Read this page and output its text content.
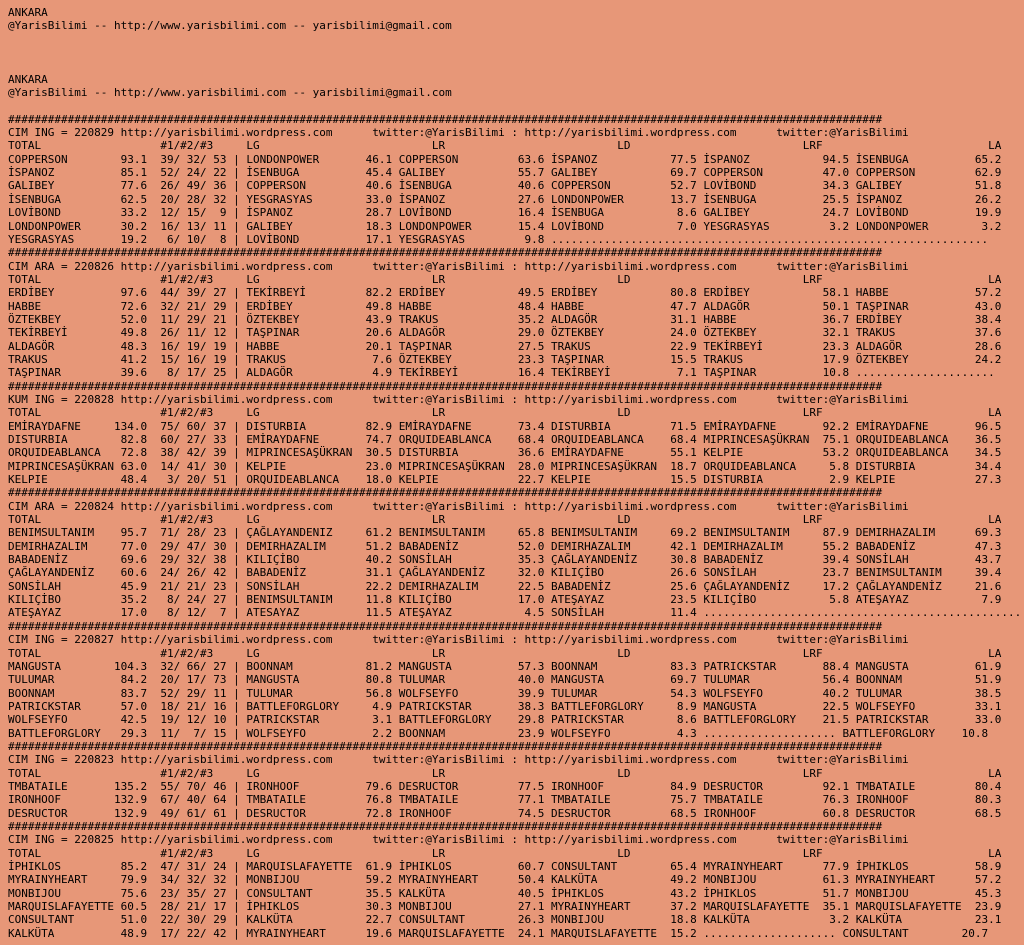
ANKARA
@YarisBilimi -- http://www.yarisbilimi.com -- yarisbilimi@gmail.com
ANKARA
@YarisBilimi -- http://www.yarisbilimi.com -- yarisbilimi@gmail.com
####################################################################################################################################
CIM ING = 220829 http://yarisbilimi.wordpress.com      twitter:@YarisBilimi : http://yarisbilimi.wordpress.com      twitter:@YarisBilimi
TOTAL                  #1/#2/#3     LG                          LR                          LD                          LRF                         LA
COPPERSON        93.1  39/ 32/ 53 | LONDONPOWER       46.1 COPPERSON         63.6 İSPANOZ           77.5 İSPANOZ           94.5 İSENBUGA          65.2
İSPANOZ          85.1  52/ 24/ 22 | İSENBUGA          45.4 GALIBEY           55.7 GALIBEY           69.7 COPPERSON         47.0 COPPERSON         62.9
GALIBEY          77.6  26/ 49/ 36 | COPPERSON         40.6 İSENBUGA          40.6 COPPERSON         52.7 LOVİBOND          34.3 GALIBEY           51.8
İSENBUGA         62.5  20/ 28/ 32 | YESGRASYAS        33.0 İSPANOZ           27.6 LONDONPOWER       13.7 İSENBUGA          25.5 İSPANOZ           26.2
LOVİBOND         33.2  12/ 15/  9 | İSPANOZ           28.7 LOVİBOND          16.4 İSENBUGA           8.6 GALIBEY           24.7 LOVİBOND          19.9
LONDONPOWER      30.2  16/ 13/ 11 | GALIBEY           18.3 LONDONPOWER       15.4 LOVİBOND           7.0 YESGRASYAS         3.2 LONDONPOWER        3.2
YESGRASYAS       19.2   6/ 10/  8 | LOVİBOND          17.1 YESGRASYAS         9.8 ..................................................................
####################################################################################################################################
CIM ARA = 220826 http://yarisbilimi.wordpress.com      twitter:@YarisBilimi : http://yarisbilimi.wordpress.com      twitter:@YarisBilimi
TOTAL                  #1/#2/#3     LG                          LR                          LD                          LRF                         LA
ERDİBEY          97.6  44/ 39/ 27 | TEKİRBEYİ         82.2 ERDİBEY           49.5 ERDİBEY           80.8 ERDİBEY           58.1 HABBE             57.2
HABBE            72.6  32/ 21/ 29 | ERDİBEY           49.8 HABBE             48.4 HABBE             47.7 ALDAGÖR           50.1 TAŞPINAR          43.0
ÖZTEKBEY         52.0  11/ 29/ 21 | ÖZTEKBEY          43.9 TRAKUS            35.2 ALDAGÖR           31.1 HABBE             36.7 ERDİBEY           38.4
TEKİRBEYİ        49.8  26/ 11/ 12 | TAŞPINAR          20.6 ALDAGÖR           29.0 ÖZTEKBEY          24.0 ÖZTEKBEY          32.1 TRAKUS            37.6
ALDAGÖR          48.3  16/ 19/ 19 | HABBE             20.1 TAŞPINAR          27.5 TRAKUS            22.9 TEKİRBEYİ         23.3 ALDAGÖR           28.6
TRAKUS           41.2  15/ 16/ 19 | TRAKUS             7.6 ÖZTEKBEY          23.3 TAŞPINAR          15.5 TRAKUS            17.9 ÖZTEKBEY          24.2
TAŞPINAR         39.6   8/ 17/ 25 | ALDAGÖR            4.9 TEKİRBEYİ         16.4 TEKİRBEYİ          7.1 TAŞPINAR          10.8 .....................
####################################################################################################################################
KUM ING = 220828 http://yarisbilimi.wordpress.com      twitter:@YarisBilimi : http://yarisbilimi.wordpress.com      twitter:@YarisBilimi
TOTAL                  #1/#2/#3     LG                          LR                          LD                          LRF                         LA
EMİRAYDAFNE     134.0  75/ 60/ 37 | DISTURBIA         82.9 EMİRAYDAFNE       73.4 DISTURBIA         71.5 EMİRAYDAFNE       92.2 EMİRAYDAFNE       96.5
DISTURBIA        82.8  60/ 27/ 33 | EMİRAYDAFNE       74.7 ORQUIDEABLANCA    68.4 ORQUIDEABLANCA    68.4 MIPRINCESAŞÜKRAN  75.1 ORQUIDEABLANCA    36.5
ORQUIDEABLANCA   72.8  38/ 42/ 39 | MIPRINCESAŞÜKRAN  30.5 DISTURBIA         36.6 EMİRAYDAFNE       55.1 KELPIE            53.2 ORQUIDEABLANCA    34.5
MIPRINCESAŞÜKRAN 63.0  14/ 41/ 30 | KELPIE            23.0 MIPRINCESAŞÜKRAN  28.0 MIPRINCESAŞÜKRAN  18.7 ORQUIDEABLANCA     5.8 DISTURBIA         34.4
KELPIE           48.4   3/ 20/ 51 | ORQUIDEABLANCA    18.0 KELPIE            22.7 KELPIE            15.5 DISTURBIA          2.9 KELPIE            27.3
####################################################################################################################################
CIM ARA = 220824 http://yarisbilimi.wordpress.com      twitter:@YarisBilimi : http://yarisbilimi.wordpress.com      twitter:@YarisBilimi
TOTAL                  #1/#2/#3     LG                          LR                          LD                          LRF                         LA
BENIMSULTANIM    95.7  71/ 28/ 23 | ÇAĞLAYANDENIZ     61.2 BENIMSULTANIM     65.8 BENIMSULTANIM     69.2 BENIMSULTANIM     87.9 DEMIRHAZALIM      69.3
DEMIRHAZALIM     77.0  29/ 47/ 30 | DEMIRHAZALIM      51.2 BABADENİZ         52.0 DEMIRHAZALIM      42.1 DEMIRHAZALIM      55.2 BABADENİZ         47.3
BABADENİZ        69.6  29/ 32/ 38 | KILIÇİBO          40.2 SONSİLAH          35.3 ÇAĞLAYANDENİZ     30.8 BABADENİZ         39.4 SONSİLAH          43.7
ÇAĞLAYANDENİZ    60.6  24/ 26/ 42 | BABADENİZ         31.1 ÇAĞLAYANDENİZ     32.0 KILIÇİBO          26.6 SONSİLAH          23.7 BENIMSULTANIM     39.4
SONSİLAH         45.9  21/ 21/ 23 | SONSİLAH          22.2 DEMIRHAZALIM      22.5 BABADENİZ         25.6 ÇAĞLAYANDENİZ     17.2 ÇAĞLAYANDENİZ     21.6
KILIÇİBO         35.2   8/ 24/ 27 | BENIMSULTANIM     11.8 KILIÇİBO          17.0 ATEŞAYAZ          23.5 KILIÇİBO           5.8 ATEŞAYAZ           7.9
ATEŞAYAZ         17.0   8/ 12/  7 | ATESAYAZ          11.5 ATEŞAYAZ           4.5 SONSİLAH          11.4 ................................................
####################################################################################################################################
CIM ING = 220827 http://yarisbilimi.wordpress.com      twitter:@YarisBilimi : http://yarisbilimi.wordpress.com      twitter:@YarisBilimi
TOTAL                  #1/#2/#3     LG                          LR                          LD                          LRF                         LA
MANGUSTA        104.3  32/ 66/ 27 | BOONNAM           81.2 MANGUSTA          57.3 BOONNAM           83.3 PATRICKSTAR       88.4 MANGUSTA          61.9
TULUMAR          84.2  20/ 17/ 73 | MANGUSTA          80.8 TULUMAR           40.0 MANGUSTA          69.7 TULUMAR           56.4 BOONNAM           51.9
BOONNAM          83.7  52/ 29/ 11 | TULUMAR           56.8 WOLFSEYFO         39.9 TULUMAR           54.3 WOLFSEYFO         40.2 TULUMAR           38.5
PATRICKSTAR      57.0  18/ 21/ 16 | BATTLEFORGLORY     4.9 PATRICKSTAR       38.3 BATTLEFORGLORY     8.9 MANGUSTA          22.5 WOLFSEYFO         33.1
WOLFSEYFO        42.5  19/ 12/ 10 | PATRICKSTAR        3.1 BATTLEFORGLORY    29.8 PATRICKSTAR        8.6 BATTLEFORGLORY    21.5 PATRICKSTAR       33.0
BATTLEFORGLORY   29.3  11/  7/ 15 | WOLFSEYFO          2.2 BOONNAM           23.9 WOLFSEYFO          4.3 .................... BATTLEFORGLORY    10.8
####################################################################################################################################
CIM ING = 220823 http://yarisbilimi.wordpress.com      twitter:@YarisBilimi : http://yarisbilimi.wordpress.com      twitter:@YarisBilimi
TOTAL                  #1/#2/#3     LG                          LR                          LD                          LRF                         LA
TMBATAILE       135.2  55/ 70/ 46 | IRONHOOF          79.6 DESRUCTOR         77.5 IRONHOOF          84.9 DESRUCTOR         92.1 TMBATAILE         80.4
IRONHOOF        132.9  67/ 40/ 64 | TMBATAILE         76.8 TMBATAILE         77.1 TMBATAILE         75.7 TMBATAILE         76.3 IRONHOOF          80.3
DESRUCTOR       132.9  49/ 61/ 61 | DESRUCTOR         72.8 IRONHOOF          74.5 DESRUCTOR         68.5 IRONHOOF          60.8 DESRUCTOR         68.5
####################################################################################################################################
CIM ING = 220825 http://yarisbilimi.wordpress.com      twitter:@YarisBilimi : http://yarisbilimi.wordpress.com      twitter:@YarisBilimi
TOTAL                  #1/#2/#3     LG                          LR                          LD                          LRF                         LA
İPHIKLOS         85.2  47/ 31/ 24 | MARQUISLAFAYETTE  61.9 İPHIKLOS          60.7 CONSULTANT        65.4 MYRAINYHEART      77.9 İPHIKLOS          58.9
MYRAINYHEART     79.9  34/ 32/ 32 | MONBIJOU          59.2 MYRAINYHEART      50.4 KALKÜTA           49.2 MONBIJOU          61.3 MYRAINYHEART      57.2
MONBIJOU         75.6  23/ 35/ 27 | CONSULTANT        35.5 KALKÜTA           40.5 İPHIKLOS          43.2 İPHIKLOS          51.7 MONBIJOU          45.3
MARQUISLAFAYETTE 60.5  28/ 21/ 17 | İPHIKLOS          30.3 MONBIJOU          27.1 MYRAINYHEART      37.2 MARQUISLAFAYETTE  35.1 MARQUISLAFAYETTE  23.9
CONSULTANT       51.0  22/ 30/ 29 | KALKÜTA           22.7 CONSULTANT        26.3 MONBIJOU          18.8 KALKÜTA            3.2 KALKÜTA           23.1
KALKÜTA          48.9  17/ 22/ 42 | MYRAINYHEART      19.6 MARQUISLAFAYETTE  24.1 MARQUISLAFAYETTE  15.2 .................... CONSULTANT        20.7
